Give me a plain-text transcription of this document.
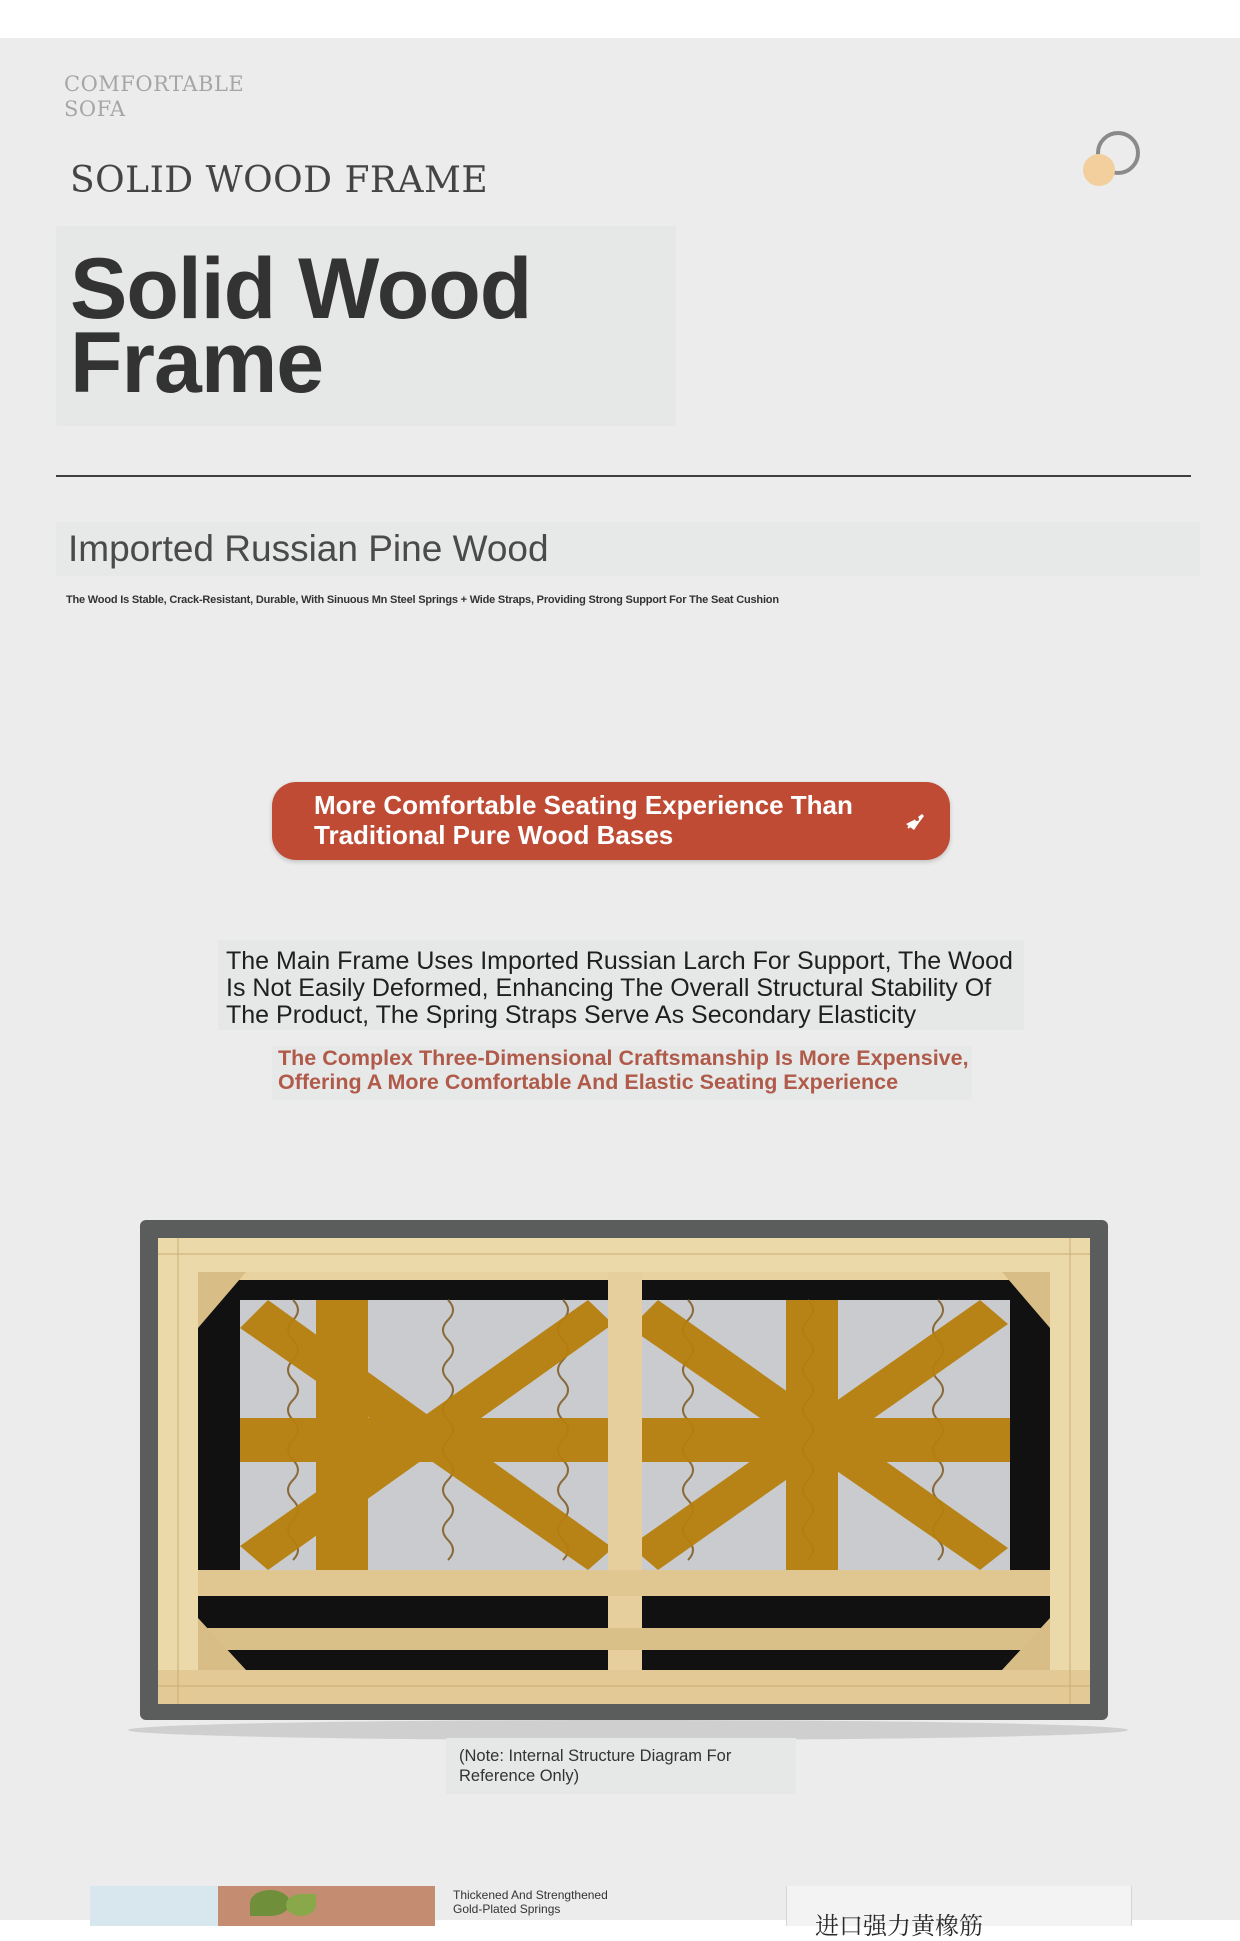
COMFORTABLE
SOFA
SOLID WOOD FRAME
Solid Wood
Frame
Imported Russian Pine Wood
The Wood Is Stable, Crack-Resistant, Durable, With Sinuous Mn Steel Springs + Wide Straps, Providing Strong Support For The Seat Cushion
More Comfortable Seating Experience Than
Traditional Pure Wood Bases
The Main Frame Uses Imported Russian Larch For Support, The Wood Is Not Easily Deformed, Enhancing The Overall Structural Stability Of The Product, The Spring Straps Serve As Secondary Elasticity
The Complex Three-Dimensional Craftsmanship Is More Expensive, Offering A More Comfortable And Elastic Seating Experience
(Note: Internal Structure Diagram For Reference Only)
Thickened And Strengthened
Gold-Plated Springs
进口强力黄橡筋
